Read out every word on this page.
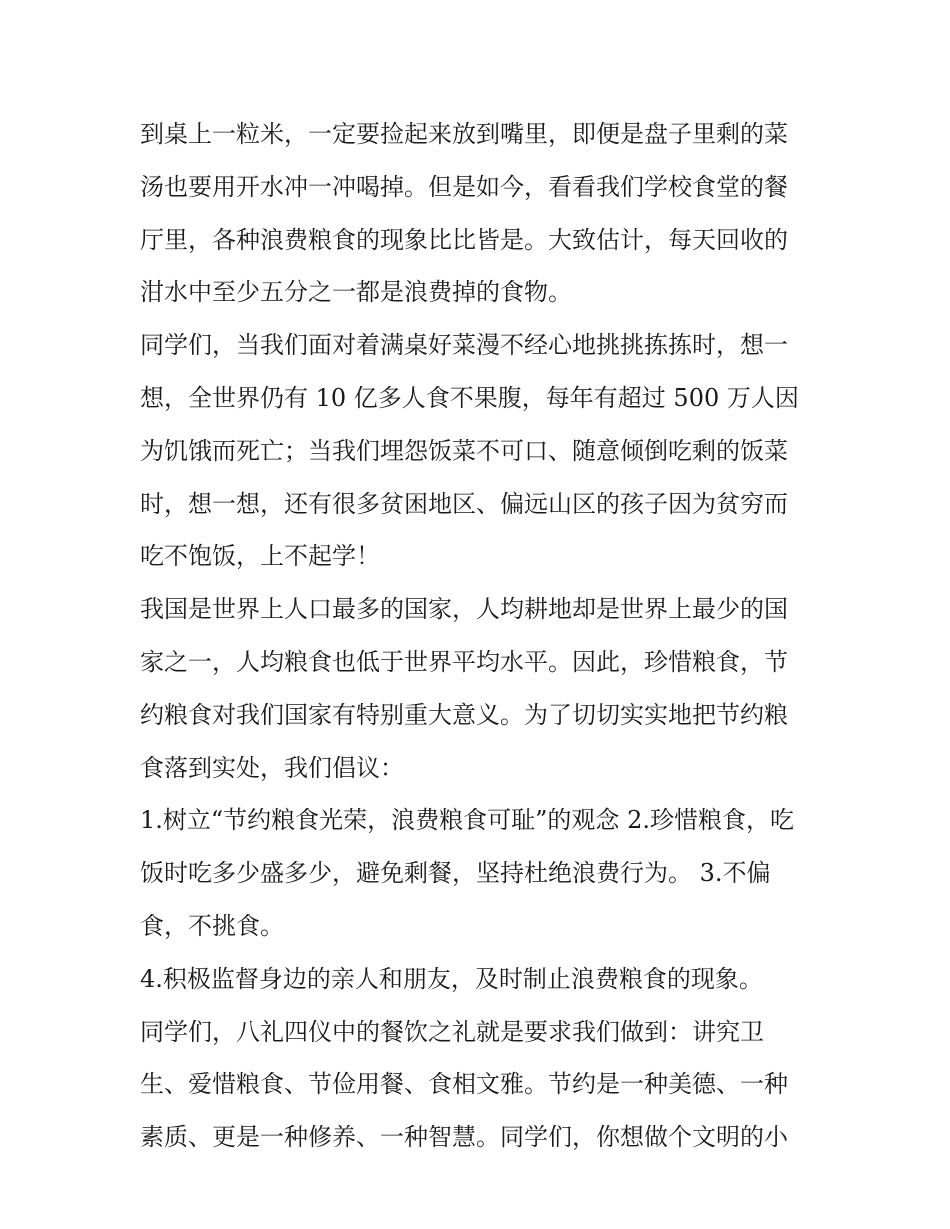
到桌上一粒米，一定要捡起来放到嘴里，即便是盘子里剩的菜
汤也要用开水冲一冲喝掉。但是如今，看看我们学校食堂的餐
厅里，各种浪费粮食的现象比比皆是。大致估计，每天回收的
泔水中至少五分之一都是浪费掉的食物。
同学们，当我们面对着满桌好菜漫不经心地挑挑拣拣时，想一
想，全世界仍有 10 亿多人食不果腹，每年有超过 500 万人因
为饥饿而死亡；当我们埋怨饭菜不可口、随意倾倒吃剩的饭菜
时，想一想，还有很多贫困地区、偏远山区的孩子因为贫穷而
吃不饱饭，上不起学！
我国是世界上人口最多的国家，人均耕地却是世界上最少的国
家之一，人均粮食也低于世界平均水平。因此，珍惜粮食，节
约粮食对我们国家有特别重大意义。为了切切实实地把节约粮
食落到实处，我们倡议：
1.树立“节约粮食光荣，浪费粮食可耻”的观念 2.珍惜粮食，吃
饭时吃多少盛多少，避免剩餐，坚持杜绝浪费行为。 3.不偏
食，不挑食。
4.积极监督身边的亲人和朋友，及时制止浪费粮食的现象。
同学们，八礼四仪中的餐饮之礼就是要求我们做到：讲究卫
生、爱惜粮食、节俭用餐、食相文雅。节约是一种美德、一种
素质、更是一种修养、一种智慧。同学们，你想做个文明的小
